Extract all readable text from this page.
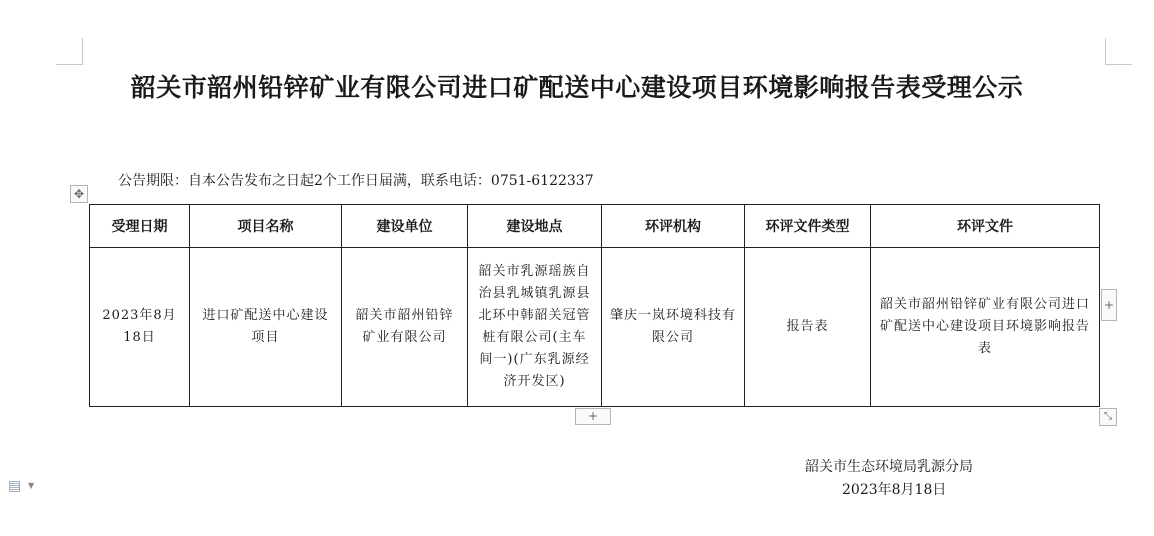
韶关市韶州铅锌矿业有限公司进口矿配送中心建设项目环境影响报告表受理公示
公告期限：自本公告发布之日起2个工作日届满，联系电话：0751-6122337
✥
受理日期	项目名称	建设单位	建设地点	环评机构	环评文件类型	环评文件
2023年8月18日	进口矿配送中心建设项目	韶关市韶州铅锌矿业有限公司	韶关市乳源瑶族自治县乳城镇乳源县北环中韩韶关冠管桩有限公司(主车间一)(广东乳源经济开发区)	肇庆一岚环境科技有限公司	报告表	韶关市韶州铅锌矿业有限公司进口矿配送中心建设项目环境影响报告表
+
+	⤡
▤ ▼
韶关市生态环境局乳源分局
2023年8月18日
